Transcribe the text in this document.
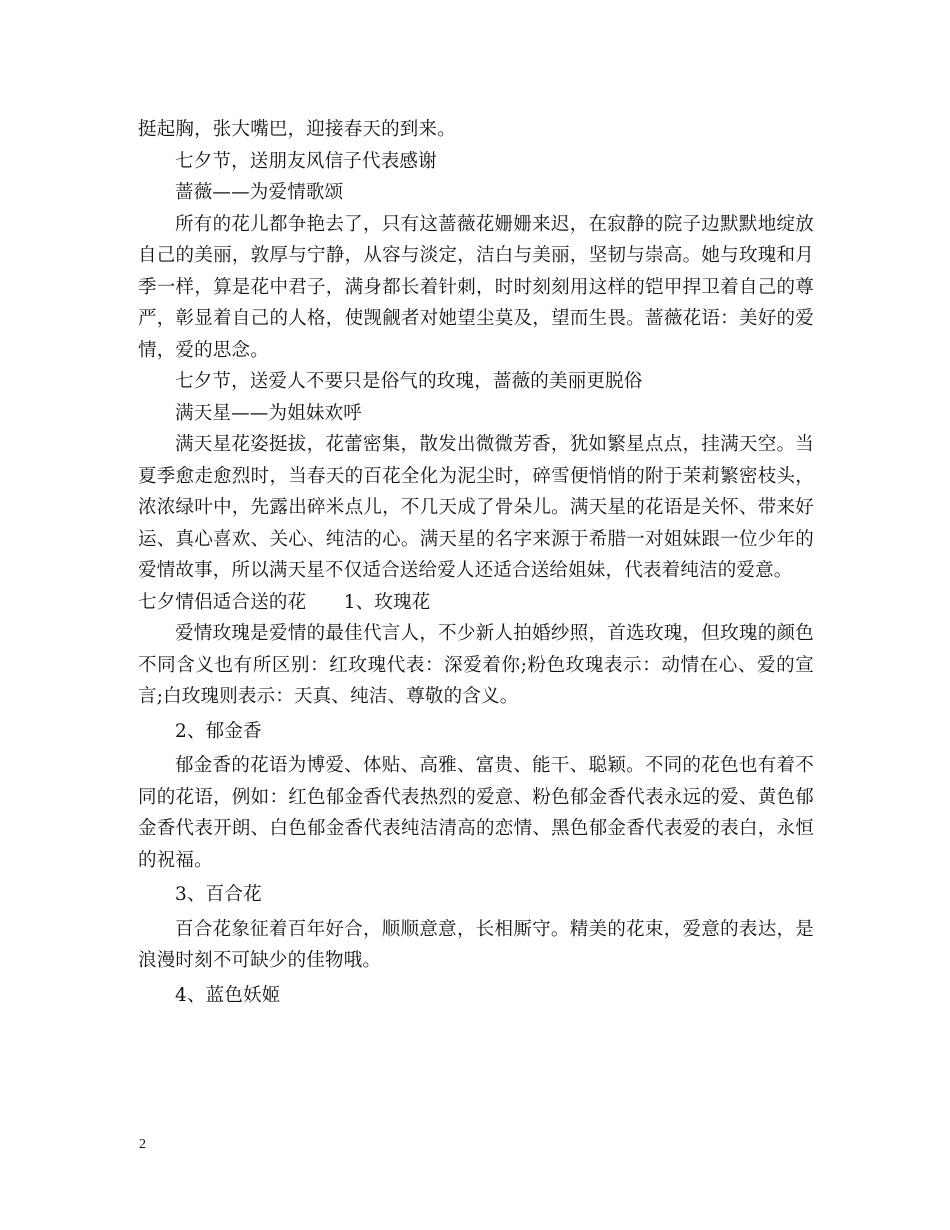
挺起胸，张大嘴巴，迎接春天的到来。
七夕节，送朋友风信子代表感谢
蔷薇——为爱情歌颂

所有的花儿都争艳去了，只有这蔷薇花姗姗来迟，在寂静的院子边默默地绽放自己的美丽，敦厚与宁静，从容与淡定，洁白与美丽，坚韧与崇高。她与玫瑰和月季一样，算是花中君子，满身都长着针刺，时时刻刻用这样的铠甲捍卫着自己的尊严，彰显着自己的人格，使觊觎者对她望尘莫及，望而生畏。蔷薇花语：美好的爱情，爱的思念。

七夕节，送爱人不要只是俗气的玫瑰，蔷薇的美丽更脱俗
满天星——为姐妹欢呼

满天星花姿挺拔，花蕾密集，散发出微微芳香，犹如繁星点点，挂满天空。当夏季愈走愈烈时，当春天的百花全化为泥尘时，碎雪便悄悄的附于茉莉繁密枝头，浓浓绿叶中，先露出碎米点儿，不几天成了骨朵儿。满天星的花语是关怀、带来好运、真心喜欢、关心、纯洁的心。满天星的名字来源于希腊一对姐妹跟一位少年的爱情故事，所以满天星不仅适合送给爱人还适合送给姐妹，代表着纯洁的爱意。

七夕情侣适合送的花　　1、玫瑰花

爱情玫瑰是爱情的最佳代言人，不少新人拍婚纱照，首选玫瑰，但玫瑰的颜色不同含义也有所区别：红玫瑰代表：深爱着你;粉色玫瑰表示：动情在心、爱的宣言;白玫瑰则表示：天真、纯洁、尊敬的含义。

2、郁金香

郁金香的花语为博爱、体贴、高雅、富贵、能干、聪颖。不同的花色也有着不同的花语，例如：红色郁金香代表热烈的爱意、粉色郁金香代表永远的爱、黄色郁金香代表开朗、白色郁金香代表纯洁清高的恋情、黑色郁金香代表爱的表白，永恒的祝福。

3、百合花

百合花象征着百年好合，顺顺意意，长相厮守。精美的花束，爱意的表达，是浪漫时刻不可缺少的佳物哦。

4、蓝色妖姬
2
